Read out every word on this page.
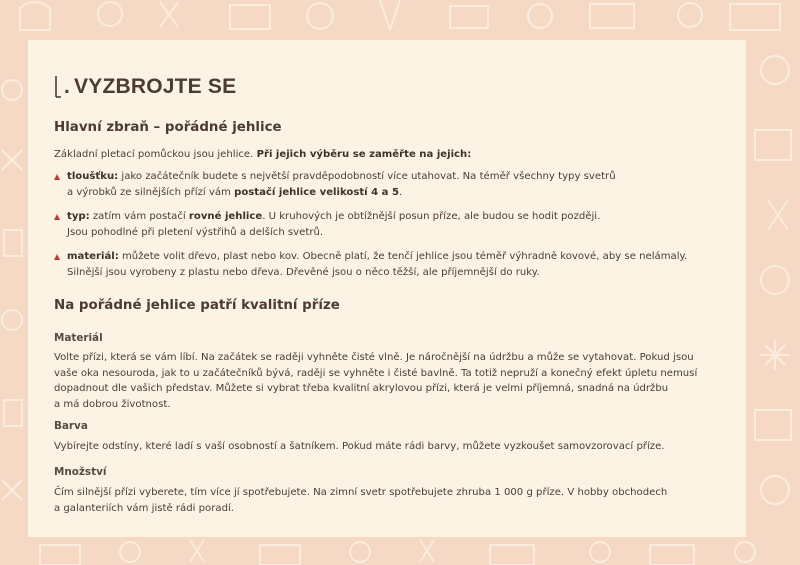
. VYZBROJTE SE
Hlavní zbraň – pořádné jehlice

Základní pletací pomůckou jsou jehlice. Při jejich výběru se zaměřte na jejich:

tloušťku: jako začátečník budete s největší pravděpodobností více utahovat. Na téměř všechny typy svetrů
a výrobků ze silnějších přízí vám postačí jehlice velikostí 4 a 5.
typ: zatím vám postačí rovné jehlice. U kruhových je obtížnější posun příze, ale budou se hodit později.
Jsou pohodlné při pletení výstřihů a delších svetrů.
materiál: můžete volit dřevo, plast nebo kov. Obecně platí, že tenčí jehlice jsou téměř výhradně kovové, aby se nelámaly.
Silnější jsou vyrobeny z plastu nebo dřeva. Dřevěné jsou o něco těžší, ale příjemnější do ruky.
Na pořádné jehlice patří kvalitní příze
Materiál

Volte přízi, která se vám líbí. Na začátek se raději vyhněte čisté vlně. Je náročnější na údržbu a může se vytahovat. Pokud jsou
vaše oka nesouroda, jak to u začátečníků bývá, raději se vyhněte i čisté bavlně. Ta totiž nepruží a konečný efekt úpletu nemusí
dopadnout dle vašich představ. Můžete si vybrat třeba kvalitní akrylovou přízi, která je velmi příjemná, snadná na údržbu
a má dobrou životnost.

Barva

Vybírejte odstíny, které ladí s vaší osobností a šatníkem. Pokud máte rádi barvy, můžete vyzkoušet samovzorovací příze.

Množství

Čím silnější přízi vyberete, tím více jí spotřebujete. Na zimní svetr spotřebujete zhruba 1 000 g příze. V hobby obchodech
a galanteriích vám jistě rádi poradí.
